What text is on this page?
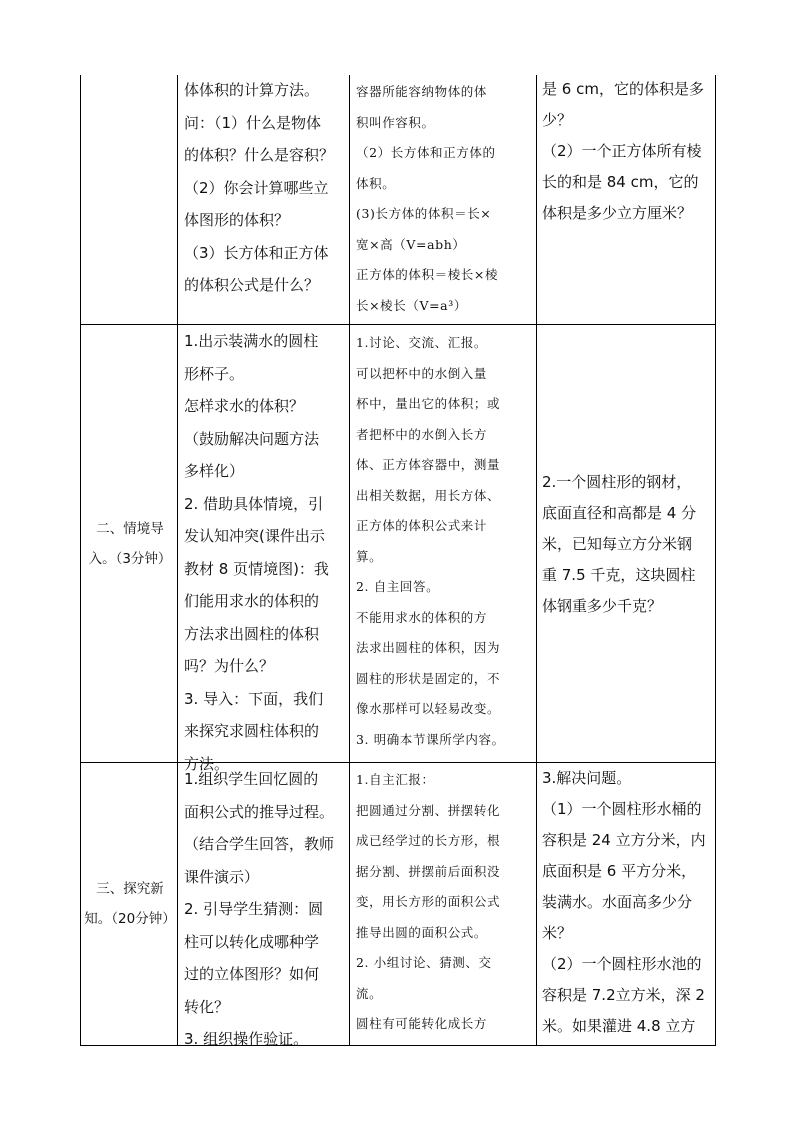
体体积的计算方法。
问：（1）什么是物体
的体积？什么是容积？
（2）你会计算哪些立
体图形的体积？
（3）长方体和正方体
的体积公式是什么？
容器所能容纳物体的体
积叫作容积。
（2）长方体和正方体的
体积。
(3)长方体的体积＝长×
宽×高（V=abh）
正方体的体积＝棱长×棱
长×棱长（V=a³）
是 6 cm，它的体积是多
少？
（2）一个正方体所有棱
长的和是 84 cm，它的
体积是多少立方厘米？
二、情境导入。（3分钟）
1.出示装满水的圆柱
形杯子。
怎样求水的体积？
（鼓励解决问题方法
多样化）
2. 借助具体情境，引
发认知冲突(课件出示
教材 8 页情境图)：我
们能用求水的体积的
方法求出圆柱的体积
吗？为什么？
3. 导入：下面，我们
来探究求圆柱体积的
方法。
1.讨论、交流、汇报。
可以把杯中的水倒入量
杯中，量出它的体积；或
者把杯中的水倒入长方
体、正方体容器中，测量
出相关数据，用长方体、
正方体的体积公式来计
算。
2. 自主回答。
不能用求水的体积的方
法求出圆柱的体积，因为
圆柱的形状是固定的，不
像水那样可以轻易改变。
3. 明确本节课所学内容。
2.一个圆柱形的钢材，
底面直径和高都是 4 分
米，已知每立方分米钢
重 7.5 千克，这块圆柱
体钢重多少千克？
三、探究新知。（20分钟）
1.组织学生回忆圆的
面积公式的推导过程。
（结合学生回答，教师
课件演示）
2. 引导学生猜测：圆
柱可以转化成哪种学
过的立体图形？如何
转化？
3. 组织操作验证。
1.自主汇报：
把圆通过分割、拼摆转化
成已经学过的长方形，根
据分割、拼摆前后面积没
变，用长方形的面积公式
推导出圆的面积公式。
2. 小组讨论、猜测、交
流。
圆柱有可能转化成长方
3.解决问题。
（1）一个圆柱形水桶的
容积是 24 立方分米，内
底面积是 6 平方分米，
装满水。水面高多少分
米？
（2）一个圆柱形水池的
容积是 7.2立方米，深 2
米。如果灌进 4.8 立方
